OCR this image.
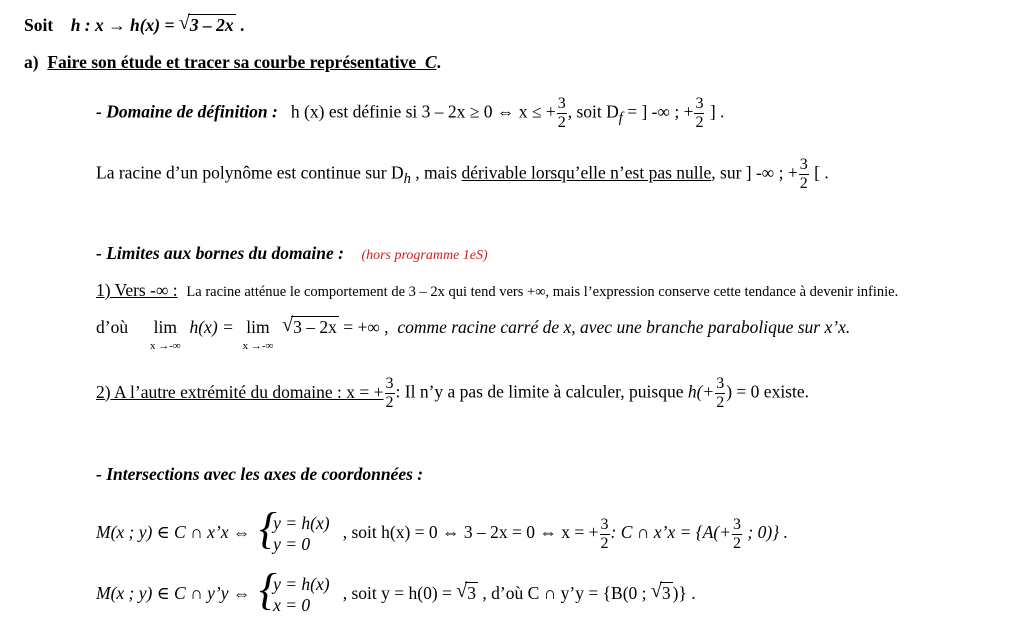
Soit h : x → h(x) = √ 3 – 2x .
a) Faire son étude et tracer sa courbe représentative C.
- Domaine de définition : h (x) est définie si 3 – 2x ≥ 0 ⇔ x ≤ + $\frac{3}{2}$ , soit $D_f$ = ] -∞ ; + $\frac{3}{2}$ ] .
La racine d’un polynôme est continue sur $D_h$ , mais dérivable lorsqu’elle n’est pas nulle, sur ] -∞ ; + $\frac{3}{2}$ [ .
- Limites aux bornes du domaine : (hors programme 1eS)
1) Vers -∞ : La racine atténue le comportement de 3 – 2x qui tend vers +∞, mais l’expression conserve cette tendance à devenir infinie.
d’où lim
x →-∞
h(x) = lim
x →-∞

√ 3 – 2x = +∞ , comme racine carré de x, avec une branche parabolique sur x’x.
2) A l’autre extrémité du domaine : x = + $\frac{3}{2}$ : Il n’y a pas de limite à calculer, puisque $h(+ \frac{3}{2}$ ) = 0 existe.
- Intersections avec les axes de coordonnées :
M(x ; y) ∈ C ∩ x’x ⇔ {
y = h(x)
y = 0
, soit h(x) = 0 ⇔ 3 – 2x = 0 ⇔ x = + $\frac{3}{2}$ : C ∩ x’x = {$A(+ \frac{3}{2}$ ; 0)} .
M(x ; y) ∈ C ∩ y’y ⇔ {
y = h(x)
x = 0
, soit y = h(0) = √ 3 , d’où C ∩ y’y = {B(0 ; √ 3 )} .
